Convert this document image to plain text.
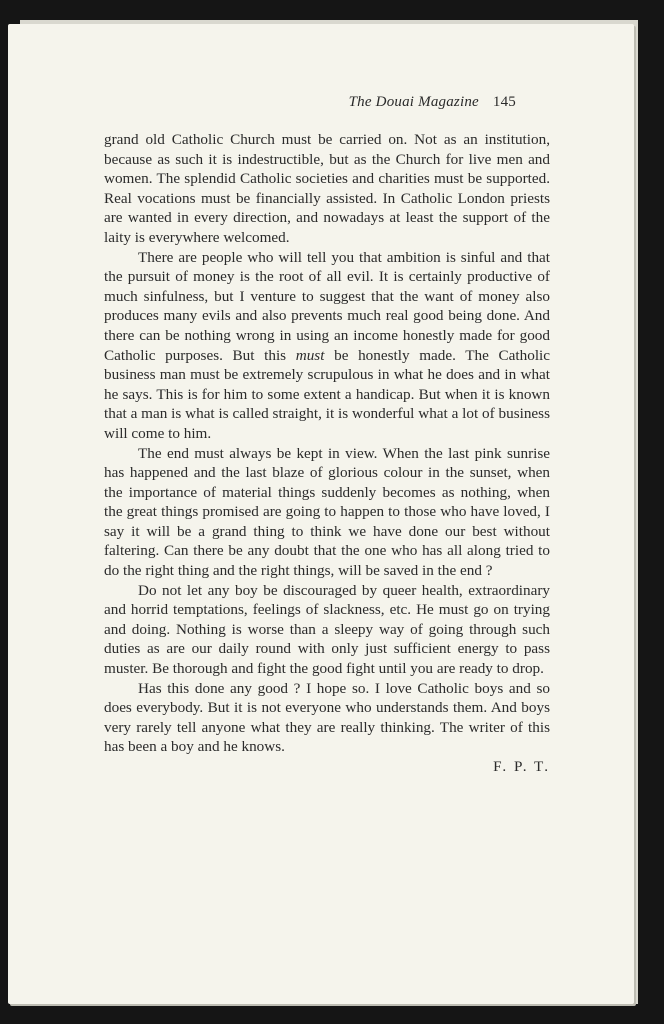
The Douai Magazine 145

grand old Catholic Church must be carried on. Not as an institution, because as such it is indestructible, but as the Church for live men and women. The splendid Catholic societies and charities must be supported. Real vocations must be financially assisted. In Catholic London priests are wanted in every direction, and nowadays at least the support of the laity is everywhere welcomed.

There are people who will tell you that ambition is sinful and that the pursuit of money is the root of all evil. It is certainly productive of much sinfulness, but I venture to suggest that the want of money also produces many evils and also prevents much real good being done. And there can be nothing wrong in using an income honestly made for good Catholic purposes. But this must be honestly made. The Catholic business man must be extremely scrupulous in what he does and in what he says. This is for him to some extent a handicap. But when it is known that a man is what is called straight, it is wonderful what a lot of business will come to him.

The end must always be kept in view. When the last pink sunrise has happened and the last blaze of glorious colour in the sunset, when the importance of material things suddenly becomes as nothing, when the great things promised are going to happen to those who have loved, I say it will be a grand thing to think we have done our best without faltering. Can there be any doubt that the one who has all along tried to do the right thing and the right things, will be saved in the end ?

Do not let any boy be discouraged by queer health, extraordinary and horrid temptations, feelings of slackness, etc. He must go on trying and doing. Nothing is worse than a sleepy way of going through such duties as are our daily round with only just sufficient energy to pass muster. Be thorough and fight the good fight until you are ready to drop.

Has this done any good ? I hope so. I love Catholic boys and so does everybody. But it is not everyone who understands them. And boys very rarely tell anyone what they are really thinking. The writer of this has been a boy and he knows.

F. P. T.
